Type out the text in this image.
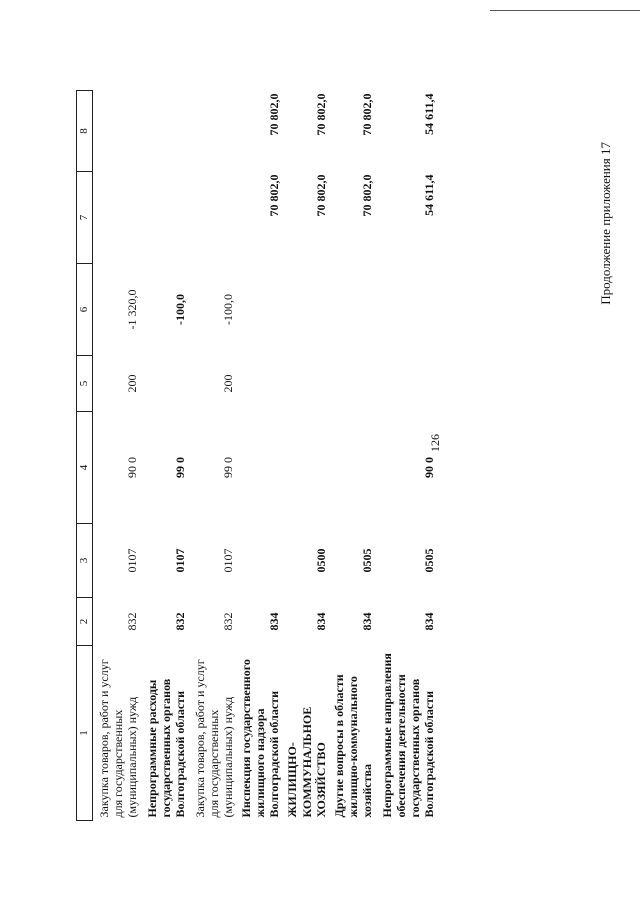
126
Продолжение приложения 17
1	2	3	4	5	6	7	8
Закупка товаров, работ и услуг для государственных (муниципальных) нужд	832	0107	90 0	200	-1 320,0		
Непрограммные расходы государственных органов Волгоградской области	832	0107	99 0		-100,0		
Закупка товаров, работ и услуг для государственных (муниципальных) нужд	832	0107	99 0	200	-100,0		
Инспекция государственного жилищного надзора Волгоградской области	834					70 802,0	70 802,0
ЖИЛИЩНО-КОММУНАЛЬНОЕ ХОЗЯЙСТВО	834	0500				70 802,0	70 802,0
Другие вопросы в области жилищно-коммунального хозяйства	834	0505				70 802,0	70 802,0
Непрограммные направления обеспечения деятельности государственных органов Волгоградской области	834	0505	90 0			54 611,4	54 611,4
